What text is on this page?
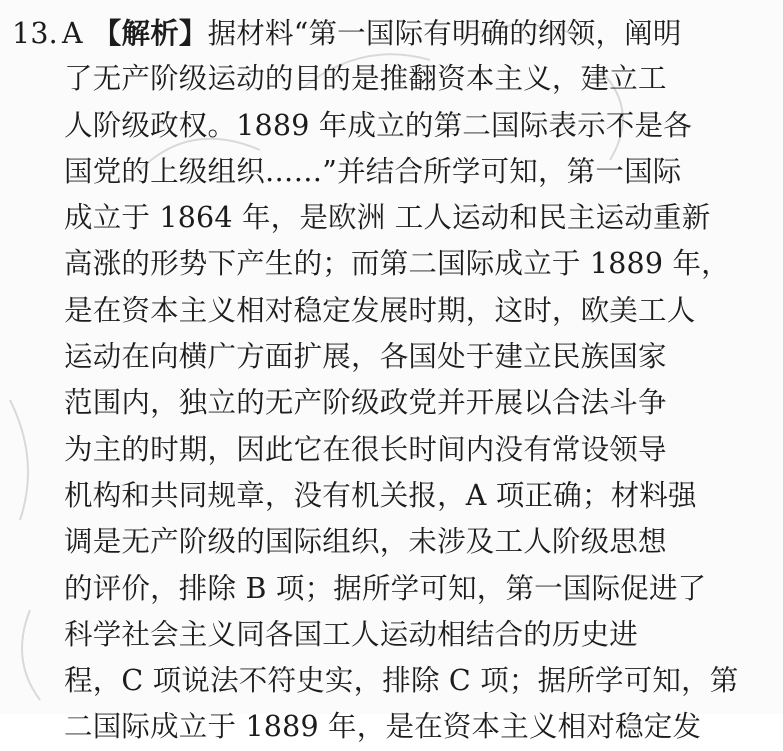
13. A 【解析】据材料“第一国际有明确的纲领，阐明
了无产阶级运动的目的是推翻资本主义，建立工
人阶级政权。1889 年成立的第二国际表示不是各
国党的上级组织……”并结合所学可知，第一国际
成立于 1864 年，是欧洲 工人运动和民主运动重新
高涨的形势下产生的；而第二国际成立于 1889 年，
是在资本主义相对稳定发展时期，这时，欧美工人
运动在向横广方面扩展，各国处于建立民族国家
范围内，独立的无产阶级政党并开展以合法斗争
为主的时期，因此它在很长时间内没有常设领导
机构和共同规章，没有机关报，A 项正确；材料强
调是无产阶级的国际组织，未涉及工人阶级思想
的评价，排除 B 项；据所学可知，第一国际促进了
科学社会主义同各国工人运动相结合的历史进
程，C 项说法不符史实，排除 C 项；据所学可知，第
二国际成立于 1889 年，是在资本主义相对稳定发
